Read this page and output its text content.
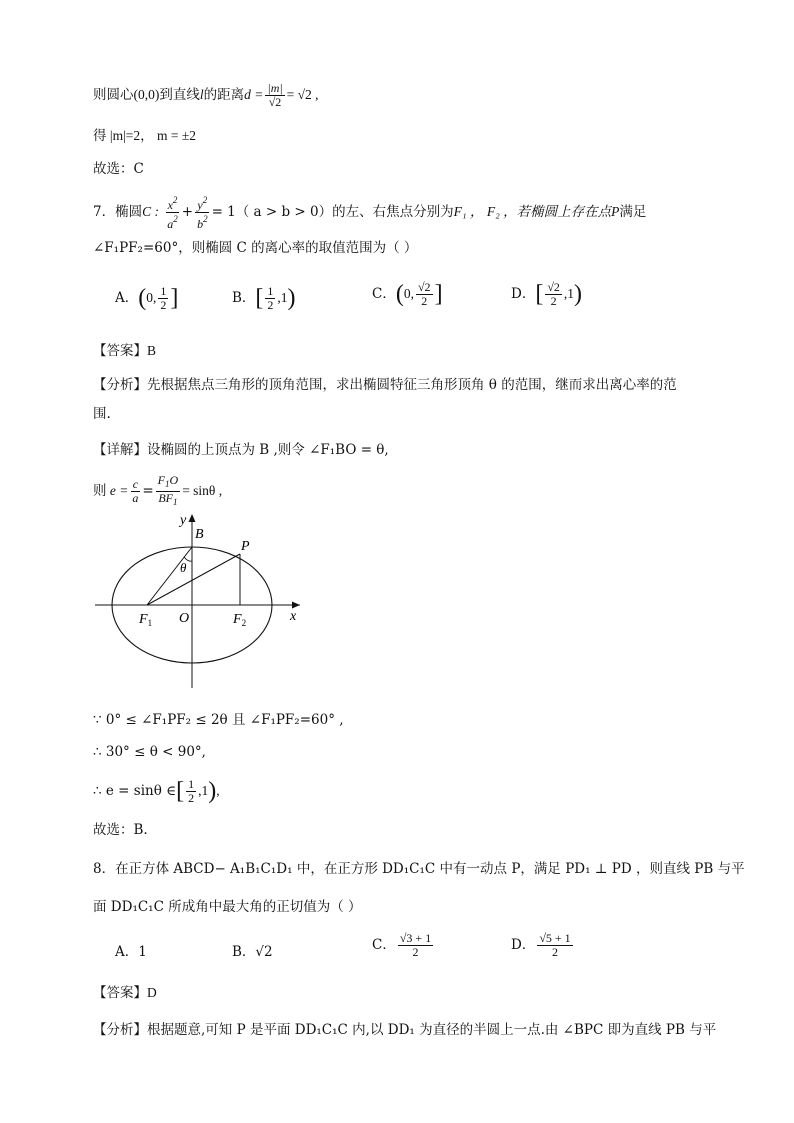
则圆心(0,0)到直线l的距离$d = \frac{|m|}{√2} = √2$ ,
得 |m|=2， m = ±2
故选：C
7．椭圆C : $\frac{x^2}{a^2} + \frac{y^2}{b^2} = 1$（ a > b > 0）的左、右焦点分别为F₁ ， F₂ ，若椭圆上存在点P满足
∠F₁PF₂=60°，则椭圆 C 的离心率的取值范围为（ ）
A．(0, $\frac{1}{2}$ ]	B．[ $\frac{1}{2} ,1$)	C．(0, $\frac{√2}{2}$ ]	D．[ $\frac{√2}{2} ,1$)
【答案】B
【分析】先根据焦点三角形的顶角范围，求出椭圆特征三角形顶角 θ 的范围，继而求出离心率的范
围.
【详解】设椭圆的上顶点为 B ,则令 ∠F₁BO = θ,
则 $e = \frac{c}{a} = \frac{F_1O}{BF_1} = \sin\theta$ ,
y
x
B
P
θ
O
$F_1$	$F_2$
∵ 0° ≤ ∠F₁PF₂ ≤ 2θ 且 ∠F₁PF₂=60° ,
∴ 30° ≤ θ < 90°,
∴ e = sinθ ∈[ $\frac{1}{2} ,1$),
故选：B.
8．在正方体 ABCD− A₁B₁C₁D₁ 中，在正方形 DD₁C₁C 中有一动点 P，满足 PD₁ ⊥ PD ，则直线 PB 与平
面 DD₁C₁C 所成角中最大角的正切值为（ ）
A．1	B．√2	C． $\frac{√3 + 1}{2}$	D． $\frac{√5 + 1}{2}$
【答案】D
【分析】根据题意,可知 P 是平面 DD₁C₁C 内,以 DD₁ 为直径的半圆上一点.由 ∠BPC 即为直线 PB 与平
